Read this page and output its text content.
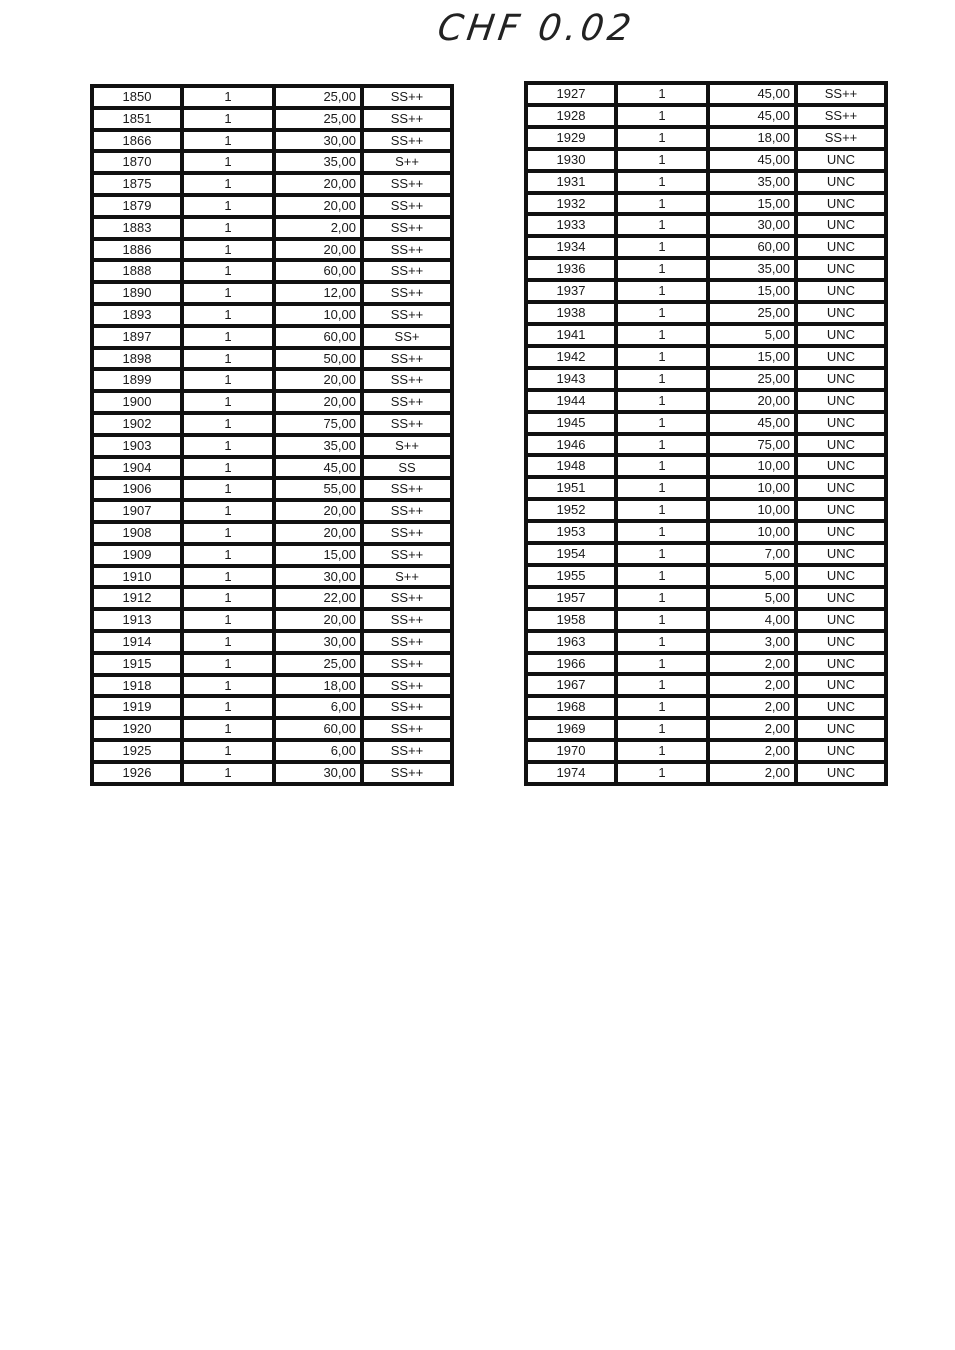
CHF 0.02
1850	1	25,00	SS++
1851	1	25,00	SS++
1866	1	30,00	SS++
1870	1	35,00	S++
1875	1	20,00	SS++
1879	1	20,00	SS++
1883	1	2,00	SS++
1886	1	20,00	SS++
1888	1	60,00	SS++
1890	1	12,00	SS++
1893	1	10,00	SS++
1897	1	60,00	SS+
1898	1	50,00	SS++
1899	1	20,00	SS++
1900	1	20,00	SS++
1902	1	75,00	SS++
1903	1	35,00	S++
1904	1	45,00	SS
1906	1	55,00	SS++
1907	1	20,00	SS++
1908	1	20,00	SS++
1909	1	15,00	SS++
1910	1	30,00	S++
1912	1	22,00	SS++
1913	1	20,00	SS++
1914	1	30,00	SS++
1915	1	25,00	SS++
1918	1	18,00	SS++
1919	1	6,00	SS++
1920	1	60,00	SS++
1925	1	6,00	SS++
1926	1	30,00	SS++
1927	1	45,00	SS++
1928	1	45,00	SS++
1929	1	18,00	SS++
1930	1	45,00	UNC
1931	1	35,00	UNC
1932	1	15,00	UNC
1933	1	30,00	UNC
1934	1	60,00	UNC
1936	1	35,00	UNC
1937	1	15,00	UNC
1938	1	25,00	UNC
1941	1	5,00	UNC
1942	1	15,00	UNC
1943	1	25,00	UNC
1944	1	20,00	UNC
1945	1	45,00	UNC
1946	1	75,00	UNC
1948	1	10,00	UNC
1951	1	10,00	UNC
1952	1	10,00	UNC
1953	1	10,00	UNC
1954	1	7,00	UNC
1955	1	5,00	UNC
1957	1	5,00	UNC
1958	1	4,00	UNC
1963	1	3,00	UNC
1966	1	2,00	UNC
1967	1	2,00	UNC
1968	1	2,00	UNC
1969	1	2,00	UNC
1970	1	2,00	UNC
1974	1	2,00	UNC
